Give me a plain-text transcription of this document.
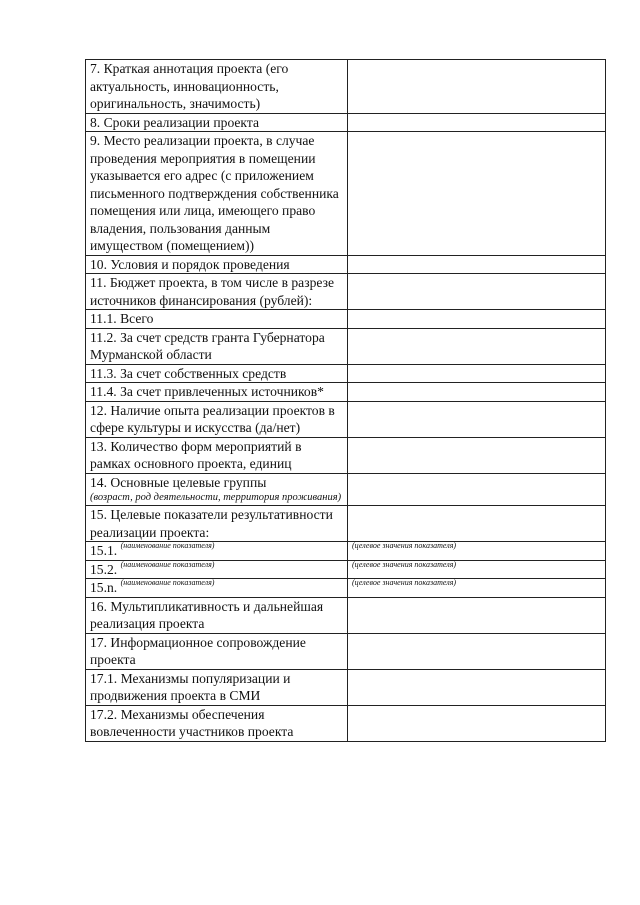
7. Краткая аннотация проекта (его актуальность, инновационность, оригинальность, значимость)	
8. Сроки реализации проекта	
9. Место реализации проекта, в случае проведения мероприятия в помещении указывается его адрес (с приложением письменного подтверждения собственника помещения или лица, имеющего право владения, пользования данным имуществом (помещением))	
10. Условия и порядок проведения	
11. Бюджет проекта, в том числе в разрезе источников финансирования (рублей):	
11.1. Всего	
11.2. За счет средств гранта Губернатора Мурманской области	
11.3. За счет собственных средств	
11.4. За счет привлеченных источников*	
12. Наличие опыта реализации проектов в сфере культуры и искусства (да/нет)	
13. Количество форм мероприятий в рамках основного проекта, единиц	

14. Основные целевые группы
(возраст, род деятельности, территория проживания)	

15. Целевые показатели результативности реализации проекта:	
15.1. $^{(наименование показателя)}$	$^{(целевое значения показателя)}$
15.2. $^{(наименование показателя)}$	$^{(целевое значения показателя)}$
15.n. $^{(наименование показателя)}$	$^{(целевое значения показателя)}$
16. Мультипликативность и дальнейшая реализация проекта	
17. Информационное сопровождение проекта	
17.1. Механизмы популяризации и продвижения проекта в СМИ	
17.2. Механизмы обеспечения вовлеченности участников проекта	
